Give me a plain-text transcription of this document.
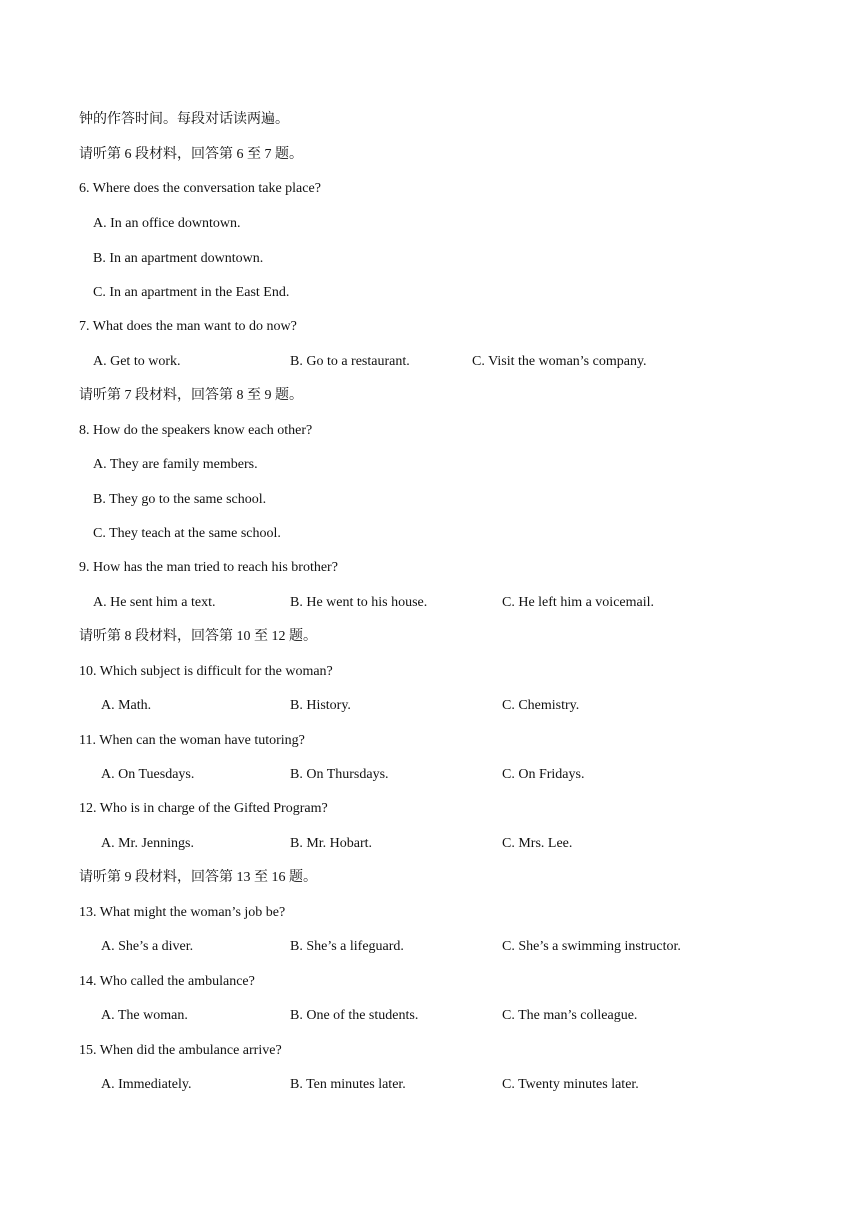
钟的作答时间。每段对话读两遍。
请听第 6 段材料，回答第 6 至 7 题。
6. Where does the conversation take place?
A. In an office downtown.
B. In an apartment downtown.
C. In an apartment in the East End.
7. What does the man want to do now?
A. Get to work.	B. Go to a restaurant.	C. Visit the woman’s company.
请听第 7 段材料，回答第 8 至 9 题。
8. How do the speakers know each other?
A. They are family members.
B. They go to the same school.
C. They teach at the same school.
9. How has the man tried to reach his brother?
A. He sent him a text.	B. He went to his house.	C. He left him a voicemail.
请听第 8 段材料，回答第 10 至 12 题。
10. Which subject is difficult for the woman?
A. Math.	B. History.	C. Chemistry.
11. When can the woman have tutoring?
A. On Tuesdays.	B. On Thursdays.	C. On Fridays.
12. Who is in charge of the Gifted Program?
A. Mr. Jennings.	B. Mr. Hobart.	C. Mrs. Lee.
请听第 9 段材料，回答第 13 至 16 题。
13. What might the woman’s job be?
A. She’s a diver.	B. She’s a lifeguard.	C. She’s a swimming instructor.
14. Who called the ambulance?
A. The woman.	B. One of the students.	C. The man’s colleague.
15. When did the ambulance arrive?
A. Immediately.	B. Ten minutes later.	C. Twenty minutes later.
